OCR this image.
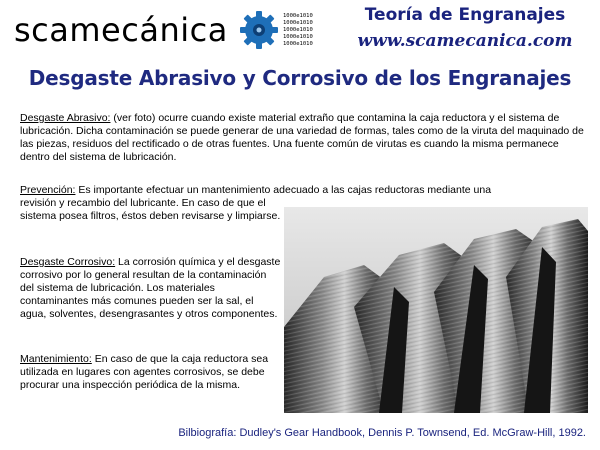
scamecánica	1000e1010
1000e1010
1000e1010
1000e1010
1000e1010
Teoría de Engranajes
www.scamecanica.com
Desgaste Abrasivo y Corrosivo de los Engranajes

Desgaste Abrasivo: (ver foto) ocurre cuando existe material extraño que contamina la caja reductora y el sistema de lubricación. Dicha contaminación se puede generar de una variedad de formas, tales como de la viruta del maquinado de las piezas, residuos del rectificado o de otras fuentes. Una fuente común de virutas es cuando la misma permanece dentro del sistema de lubricación.

Prevención: Es importante efectuar un mantenimiento adecuado a las cajas reductoras mediante una

revisión y recambio del lubricante. En caso de que el sistema posea filtros, éstos deben revisarse y limpiarse.

Desgaste Corrosivo: La corrosión química y el desgaste corrosivo por lo general resultan de la contaminación del sistema de lubricación. Los materiales contaminantes más comunes pueden ser la sal, el agua, solventes, desengrasantes y otros componentes.

Mantenimiento: En caso de que la caja reductora sea utilizada en lugares con agentes corrosivos, se debe procurar una inspección periódica de la misma.

Bilbiografía: Dudley's Gear Handbook, Dennis P. Townsend, Ed. McGraw-Hill, 1992.
